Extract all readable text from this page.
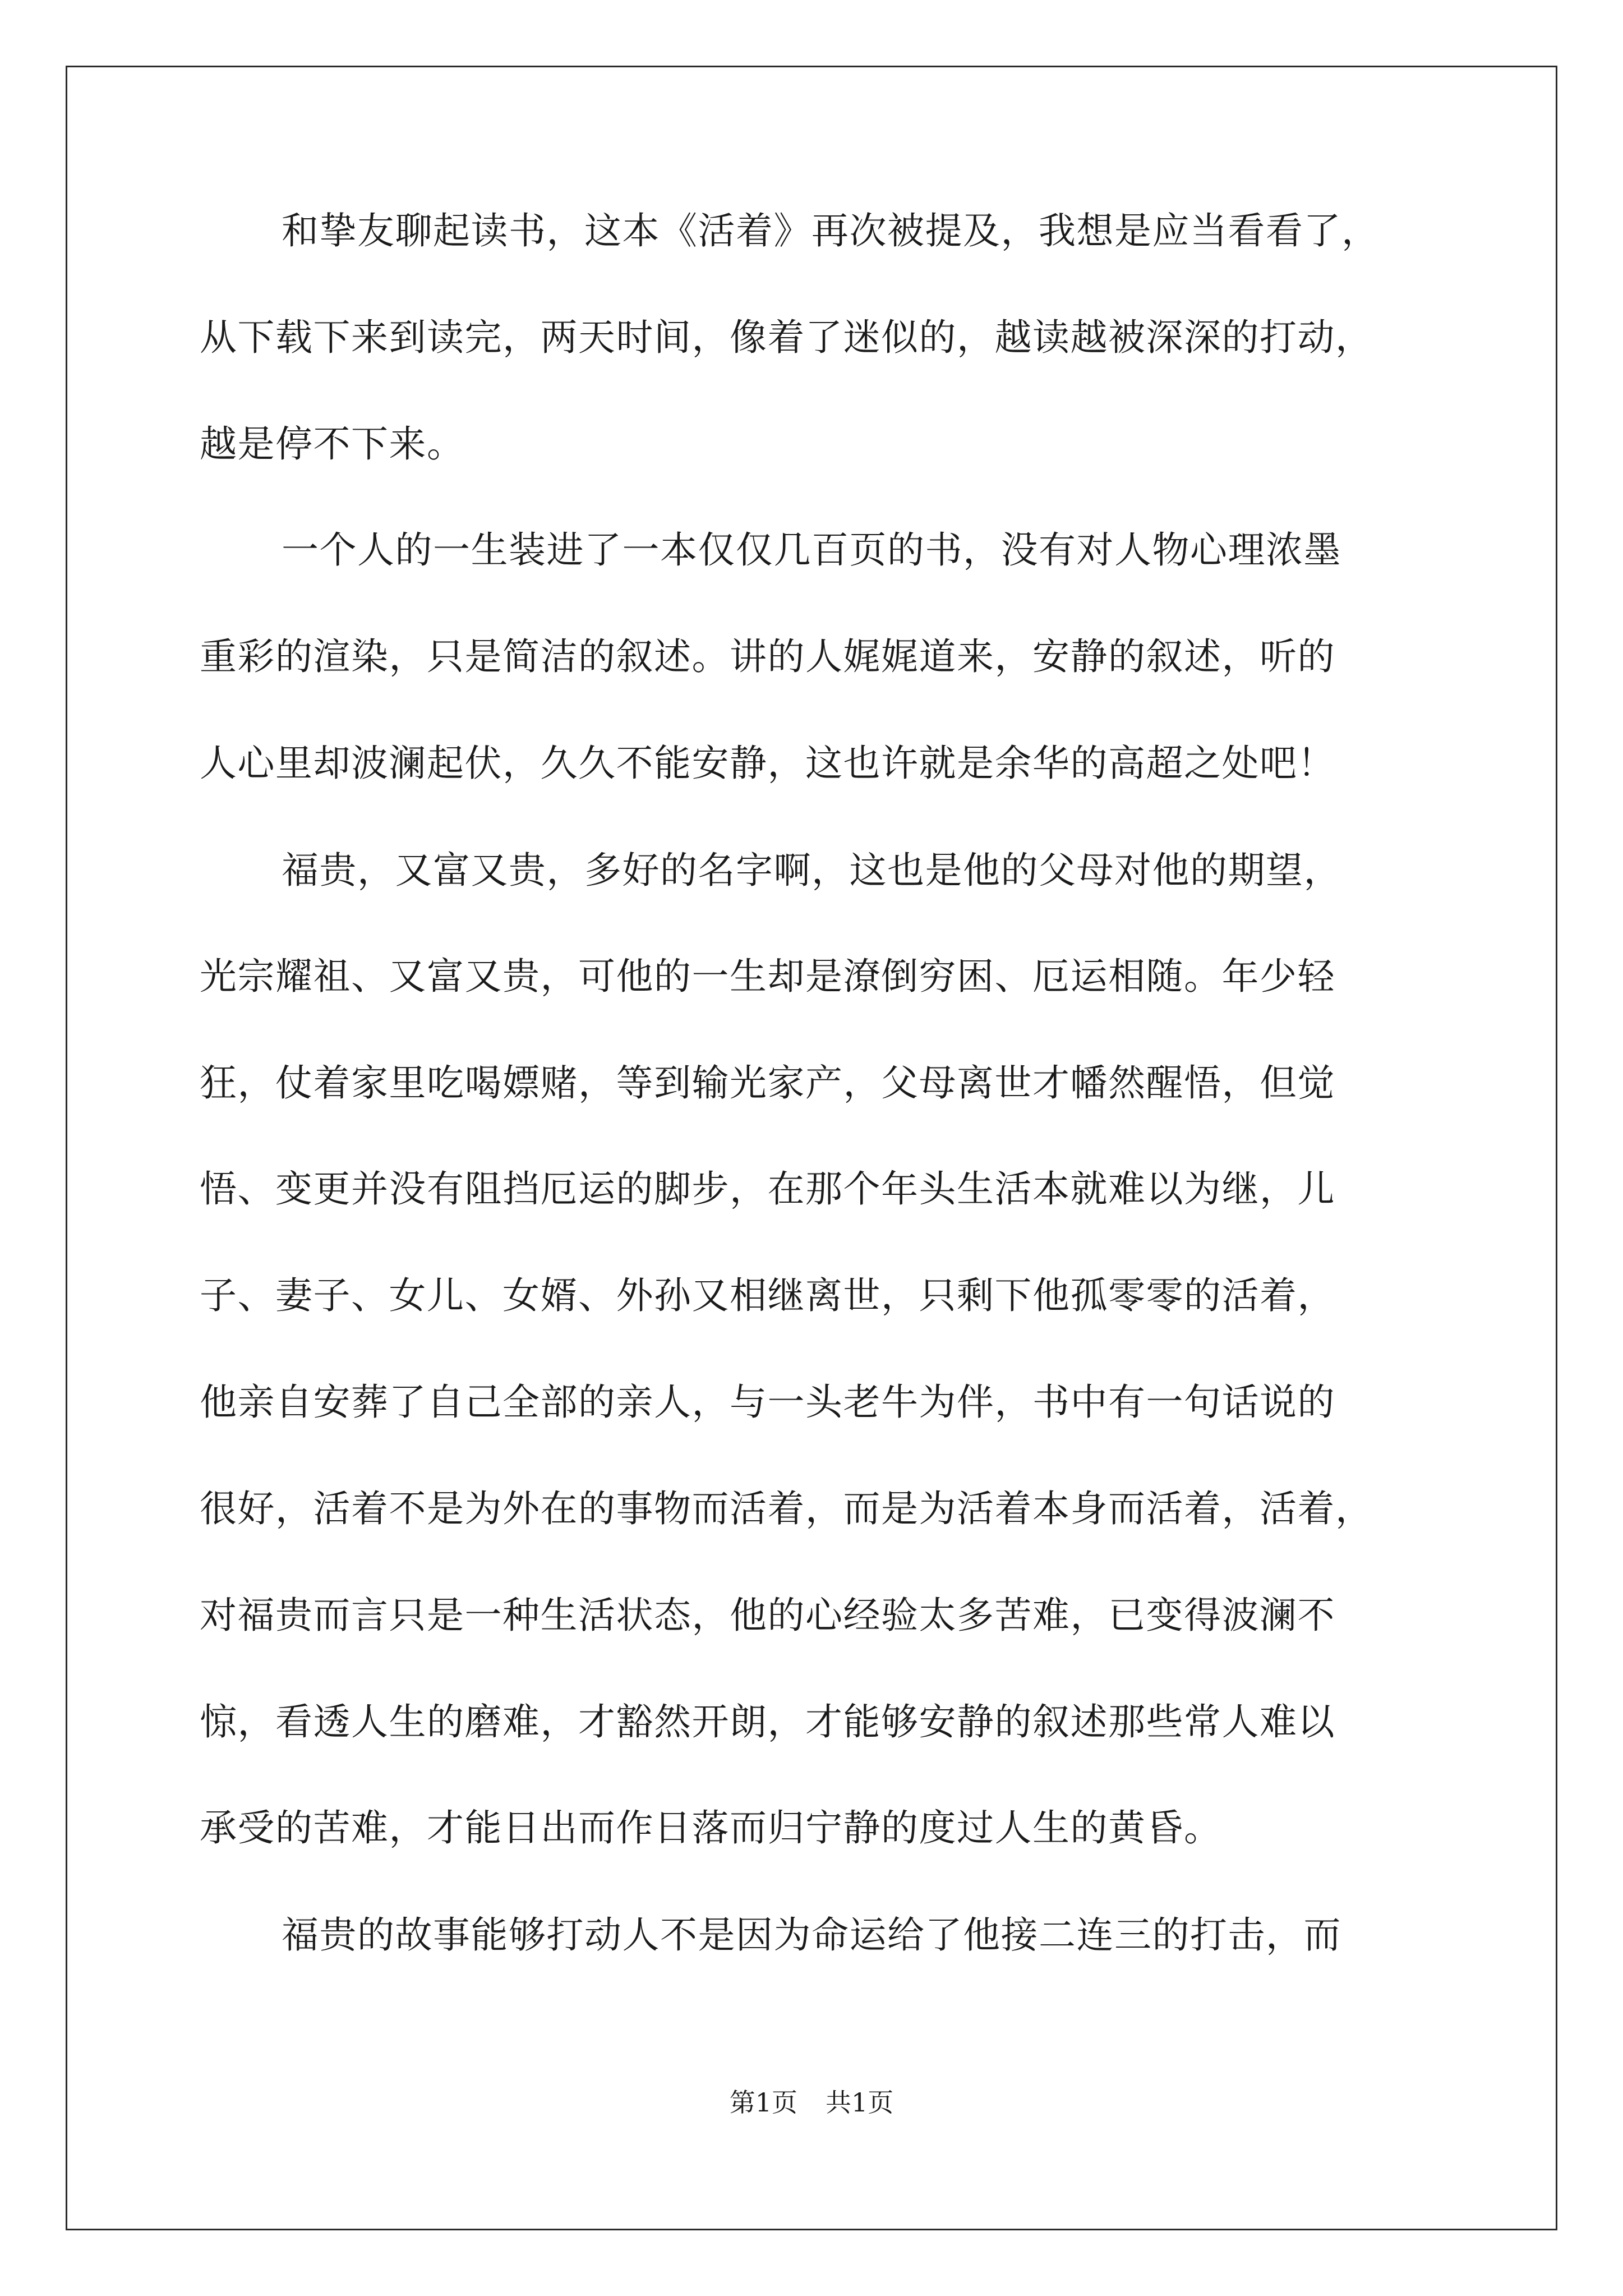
和挚友聊起读书，这本《活着》再次被提及，我想是应当看看了，
从下载下来到读完，两天时间，像着了迷似的，越读越被深深的打动，
越是停不下来。
一个人的一生装进了一本仅仅几百页的书，没有对人物心理浓墨
重彩的渲染，只是简洁的叙述。讲的人娓娓道来，安静的叙述，听的
人心里却波澜起伏，久久不能安静，这也许就是余华的高超之处吧！
福贵，又富又贵，多好的名字啊，这也是他的父母对他的期望，
光宗耀祖、又富又贵，可他的一生却是潦倒穷困、厄运相随。年少轻
狂，仗着家里吃喝嫖赌，等到输光家产，父母离世才幡然醒悟，但觉
悟、变更并没有阻挡厄运的脚步，在那个年头生活本就难以为继，儿
子、妻子、女儿、女婿、外孙又相继离世，只剩下他孤零零的活着，
他亲自安葬了自己全部的亲人，与一头老牛为伴，书中有一句话说的
很好，活着不是为外在的事物而活着，而是为活着本身而活着，活着，
对福贵而言只是一种生活状态，他的心经验太多苦难，已变得波澜不
惊，看透人生的磨难，才豁然开朗，才能够安静的叙述那些常人难以
承受的苦难，才能日出而作日落而归宁静的度过人生的黄昏。
福贵的故事能够打动人不是因为命运给了他接二连三的打击，而
第1页 共1页
